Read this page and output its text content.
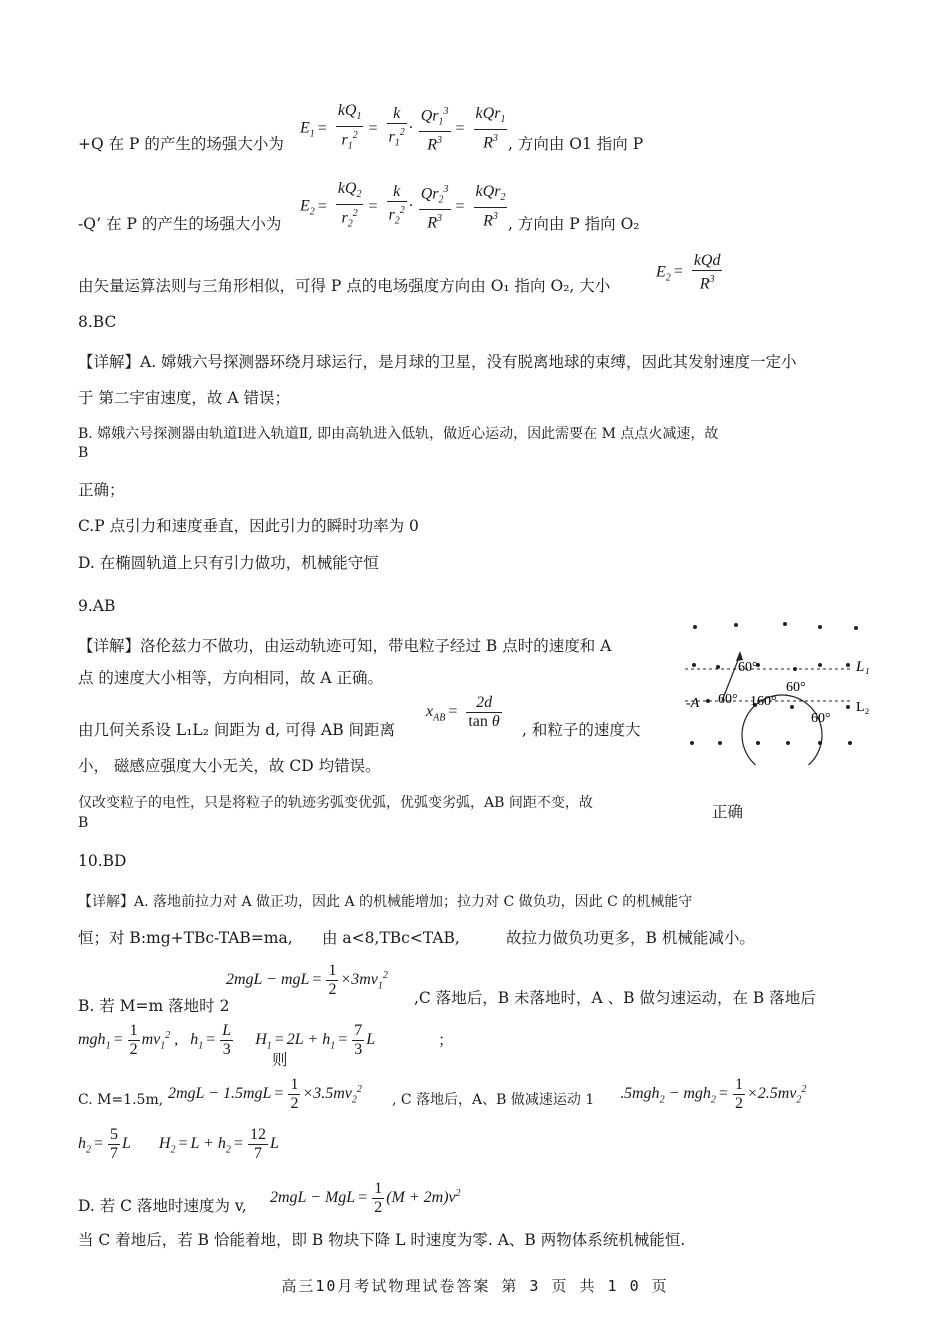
+Q 在 P 的产生的场强大小为
$E_1 = \frac{kQ_1}{r_1^2} = \frac{k}{r_1^2} \cdot \frac{Qr_1^3}{R^3} = \frac{kQr_1}{R^3}$ , 方向由 O1 指向 P
-Q’ 在 P 的产生的场强大小为
$E_2 = \frac{kQ_2}{r_2^2} = \frac{k}{r_2^2} \cdot \frac{Qr_2^3}{R^3} = \frac{kQr_2}{R^3}$ , 方向由 P 指向 O₂
由矢量运算法则与三角形相似，可得 P 点的电场强度方向由 O₁ 指向 O₂, 大小
$E_2 = \frac{\text{kQd}}{R^3}$
8.BC
【详解】A. 嫦娥六号探测器环绕月球运行，是月球的卫星，没有脱离地球的束缚，因此其发射速度一定小
于 第二宇宙速度，故 A 错误；
B. 嫦娥六号探测器由轨道Ⅰ进入轨道Ⅱ, 即由高轨进入低轨，做近心运动，因此需要在 M 点点火减速，故
B
正确；
C.P 点引力和速度垂直，因此引力的瞬时功率为 0
D. 在椭圆轨道上只有引力做功，机械能守恒
9.AB
【详解】洛伦兹力不做功，由运动轨迹可知，带电粒子经过 B 点时的速度和 A
点 的速度大小相等，方向相同，故 A 正确。
由几何关系设 L₁L₂ 间距为 d, 可得 AB 间距离
$x_{AB} = \frac{2d}{\text{tan θ}}$ , 和粒子的速度大
小， 磁感应强度大小无关，故 CD 均错误。
仅改变粒子的电性，只是将粒子的轨迹劣弧变优弧，优弧变劣弧，AB 间距不变，故
B
正确
L₁
L₂
-A
60°
60°
60° 160°
60°
10.BD
【详解】A. 落地前拉力对 A 做正功，因此 A 的机械能增加；拉力对 C 做负功，因此 C 的机械能守
恒；对 B:mg+TBc-TAB=ma, 由 a<8,TBc<TAB,	故拉力做负功更多，B 机械能减小。
B. 若 M=m 落地时 2
2mgL − mgL = $\frac{1}{2} \times 3mv_1^2$
,C 落地后，B 未落地时，A 、B 做匀速运动，在 B 落地后
$mgh_1 = \frac{1}{2} mv_1^2$ ,   $h_1 = \frac{L}{3} H_1 = 2L + h_1 = \frac{7}{3}$ L
则
；
C. M=1.5m, $2mgL - 1.5mgL = \frac{1}{2} \times 3.5mv_2^2$
, C 落地后，A、B 做减速运动 1 $.5mgh_2 - mgh_2 = \frac{1}{2} \times 2.5mv_2^2$
$h_2 = \frac{5}{7}$ L       $H_2 = L + h_2 = \frac{12}{7}$ L
D. 若 C 落地时速度为 v, 2mgL − MgL = $\frac{1}{2} (M + 2m)v^2$
当 C 着地后，若 B 恰能着地，即 B 物块下降 L 时速度为零. A、B 两物体系统机械能恒.
高三10月考试物理试卷答案 第 3 页 共 1 0 页
